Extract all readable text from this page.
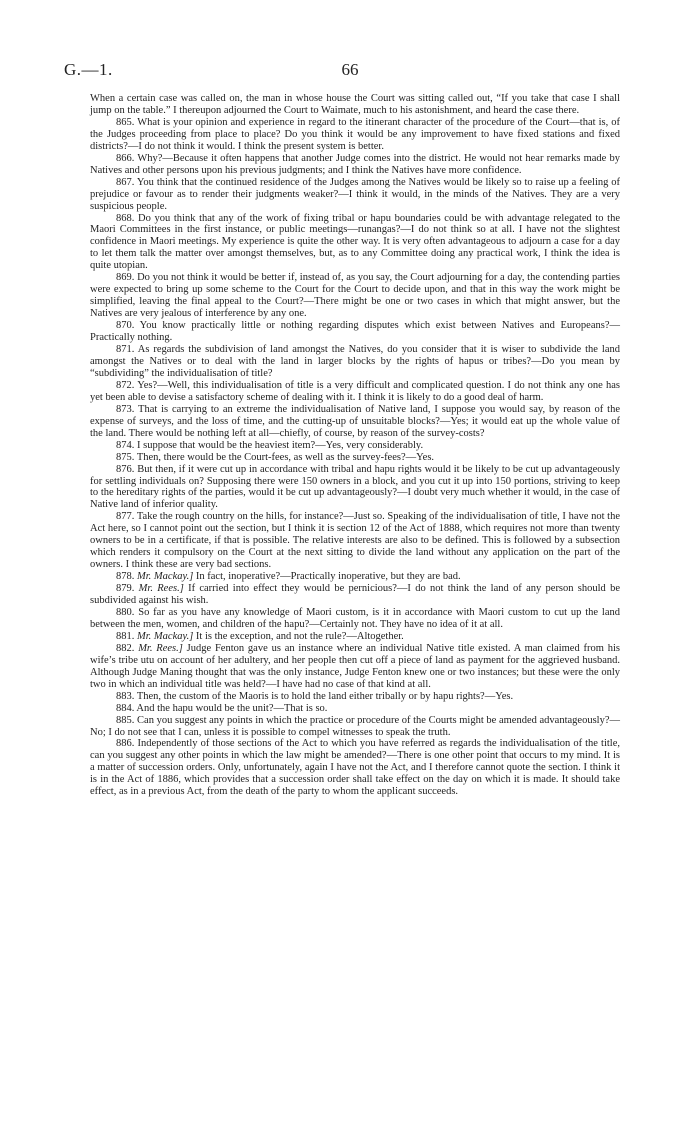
G.—1.	66

When a certain case was called on, the man in whose house the Court was sitting called out, “If you take that case I shall jump on the table.” I thereupon adjourned the Court to Waimate, much to his astonishment, and heard the case there.

865. What is your opinion and experience in regard to the itinerant character of the procedure of the Court—that is, of the Judges proceeding from place to place? Do you think it would be any improvement to have fixed stations and fixed districts?—I do not think it would. I think the present system is better.

866. Why?—Because it often happens that another Judge comes into the district. He would not hear remarks made by Natives and other persons upon his previous judgments; and I think the Natives have more confidence.

867. You think that the continued residence of the Judges among the Natives would be likely so to raise up a feeling of prejudice or favour as to render their judgments weaker?—I think it would, in the minds of the Natives. They are a very suspicious people.

868. Do you think that any of the work of fixing tribal or hapu boundaries could be with advantage relegated to the Maori Committees in the first instance, or public meetings—runangas?—I do not think so at all. I have not the slightest confidence in Maori meetings. My experience is quite the other way. It is very often advantageous to adjourn a case for a day to let them talk the matter over amongst themselves, but, as to any Committee doing any practical work, I think the idea is quite utopian.

869. Do you not think it would be better if, instead of, as you say, the Court adjourning for a day, the contending parties were expected to bring up some scheme to the Court for the Court to decide upon, and that in this way the work might be simplified, leaving the final appeal to the Court?—There might be one or two cases in which that might answer, but the Natives are very jealous of interference by any one.

870. You know practically little or nothing regarding disputes which exist between Natives and Europeans?—Practically nothing.

871. As regards the subdivision of land amongst the Natives, do you consider that it is wiser to subdivide the land amongst the Natives or to deal with the land in larger blocks by the rights of hapus or tribes?—Do you mean by “subdividing” the individualisation of title?

872. Yes?—Well, this individualisation of title is a very difficult and complicated question. I do not think any one has yet been able to devise a satisfactory scheme of dealing with it. I think it is likely to do a good deal of harm.

873. That is carrying to an extreme the individualisation of Native land, I suppose you would say, by reason of the expense of surveys, and the loss of time, and the cutting-up of unsuitable blocks?—Yes; it would eat up the whole value of the land. There would be nothing left at all—chiefly, of course, by reason of the survey-costs?

874. I suppose that would be the heaviest item?—Yes, very considerably.

875. Then, there would be the Court-fees, as well as the survey-fees?—Yes.

876. But then, if it were cut up in accordance with tribal and hapu rights would it be likely to be cut up advantageously for settling individuals on? Supposing there were 150 owners in a block, and you cut it up into 150 portions, striving to keep to the hereditary rights of the parties, would it be cut up advantageously?—I doubt very much whether it would, in the case of Native land of inferior quality.

877. Take the rough country on the hills, for instance?—Just so. Speaking of the individualisation of title, I have not the Act here, so I cannot point out the section, but I think it is section 12 of the Act of 1888, which requires not more than twenty owners to be in a certificate, if that is possible. The relative interests are also to be defined. This is followed by a subsection which renders it compulsory on the Court at the next sitting to divide the land without any application on the part of the owners. I think these are very bad sections.

878. Mr. Mackay.] In fact, inoperative?—Practically inoperative, but they are bad.

879. Mr. Rees.] If carried into effect they would be pernicious?—I do not think the land of any person should be subdivided against his wish.

880. So far as you have any knowledge of Maori custom, is it in accordance with Maori custom to cut up the land between the men, women, and children of the hapu?—Certainly not. They have no idea of it at all.

881. Mr. Mackay.] It is the exception, and not the rule?—Altogether.

882. Mr. Rees.] Judge Fenton gave us an instance where an individual Native title existed. A man claimed from his wife’s tribe utu on account of her adultery, and her people then cut off a piece of land as payment for the aggrieved husband. Although Judge Maning thought that was the only instance, Judge Fenton knew one or two instances; but these were the only two in which an individual title was held?—I have had no case of that kind at all.

883. Then, the custom of the Maoris is to hold the land either tribally or by hapu rights?—Yes.

884. And the hapu would be the unit?—That is so.

885. Can you suggest any points in which the practice or procedure of the Courts might be amended advantageously?—No; I do not see that I can, unless it is possible to compel witnesses to speak the truth.

886. Independently of those sections of the Act to which you have referred as regards the individualisation of the title, can you suggest any other points in which the law might be amended?—There is one other point that occurs to my mind. It is a matter of succession orders. Only, unfortunately, again I have not the Act, and I therefore cannot quote the section. I think it is in the Act of 1886, which provides that a succession order shall take effect on the day on which it is made. It should take effect, as in a previous Act, from the death of the party to whom the applicant succeeds.
